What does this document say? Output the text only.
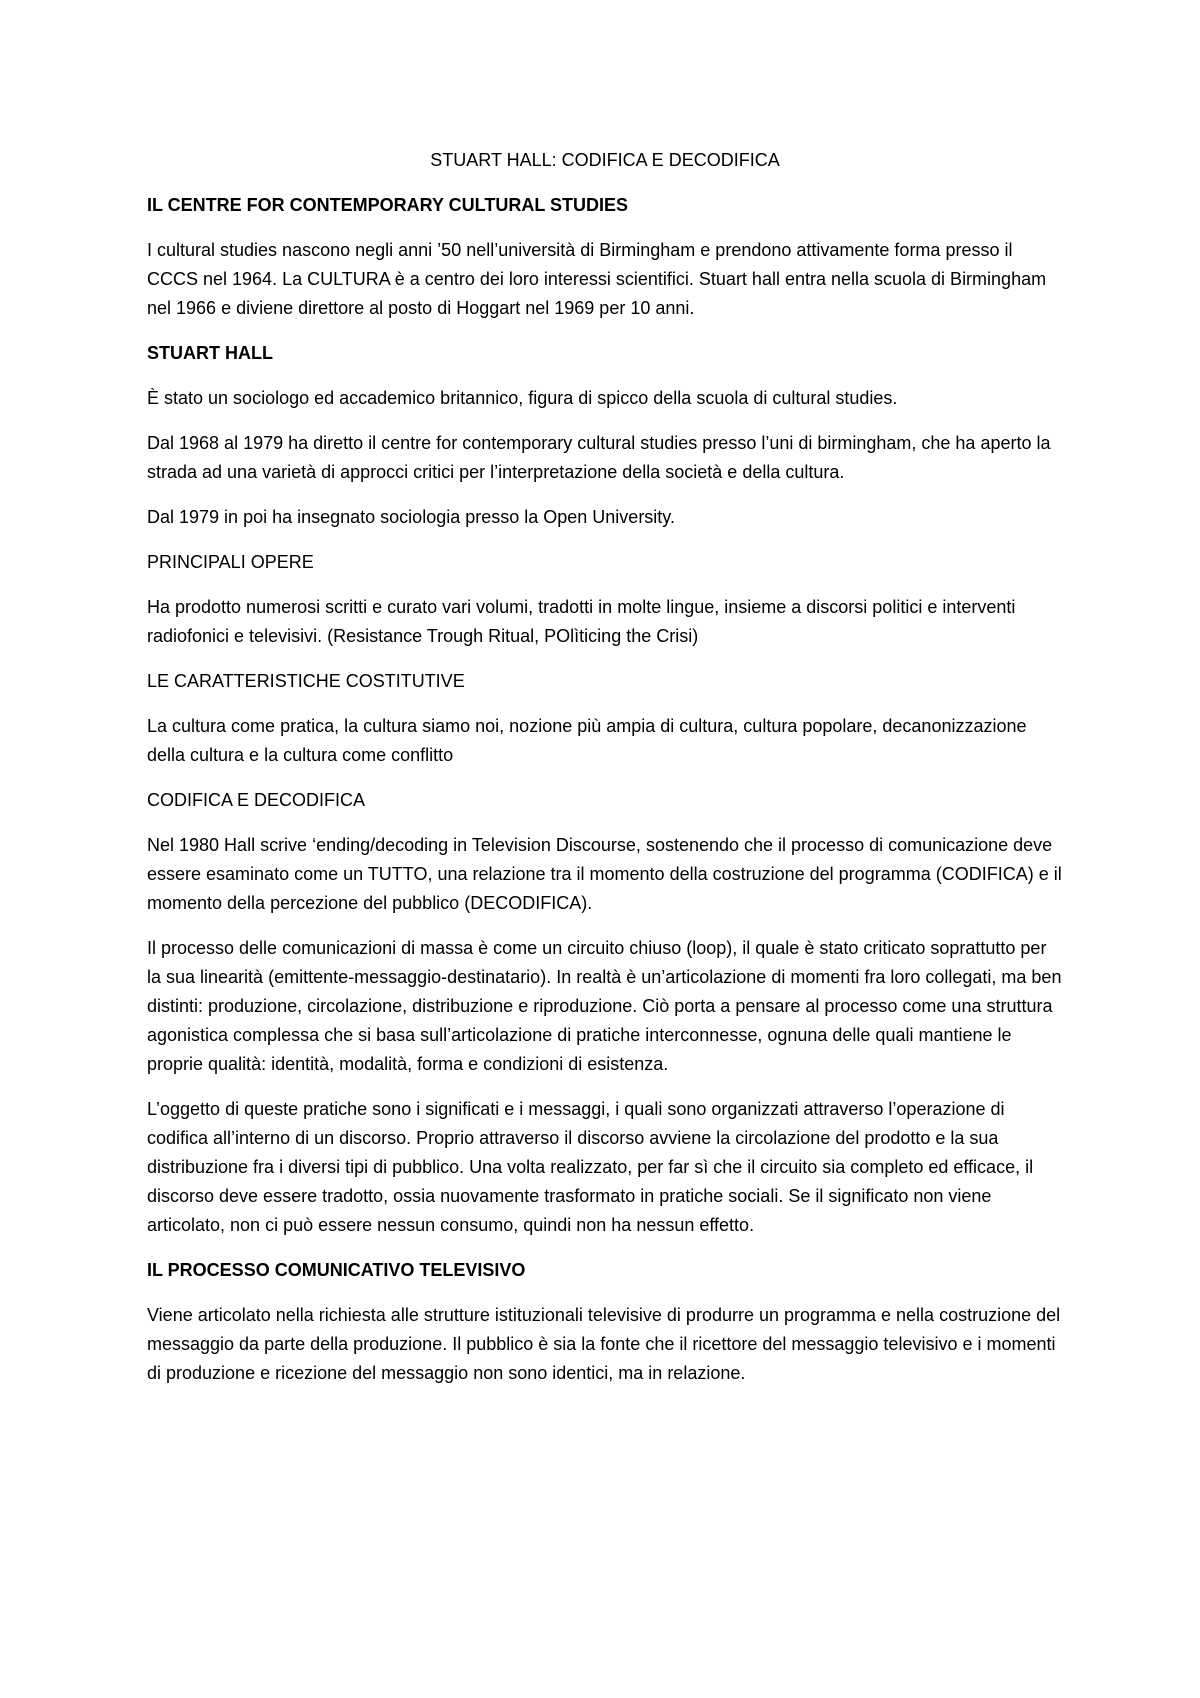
STUART HALL: CODIFICA E DECODIFICA
IL CENTRE FOR CONTEMPORARY CULTURAL STUDIES

I cultural studies nascono negli anni ’50 nell’università di Birmingham e prendono attivamente forma presso il CCCS nel 1964. La CULTURA è a centro dei loro interessi scientifici. Stuart hall entra nella scuola di Birmingham nel 1966 e diviene direttore al posto di Hoggart nel 1969 per 10 anni.

STUART HALL

È stato un sociologo ed accademico britannico, figura di spicco della scuola di cultural studies.

Dal 1968 al 1979 ha diretto il centre for contemporary cultural studies presso l’uni di birmingham, che ha aperto la strada ad una varietà di approcci critici per l’interpretazione della società e della cultura.

Dal 1979 in poi ha insegnato sociologia presso la Open University.

PRINCIPALI OPERE

Ha prodotto numerosi scritti e curato vari volumi, tradotti in molte lingue, insieme a discorsi politici e interventi radiofonici e televisivi. (Resistance Trough Ritual, POlìticing the Crisi)

LE CARATTERISTICHE COSTITUTIVE

La cultura come pratica, la cultura siamo noi, nozione più ampia di cultura, cultura popolare, decanonizzazione della cultura e la cultura come conflitto

CODIFICA E DECODIFICA

Nel 1980 Hall scrive ‘ending/decoding in Television Discourse, sostenendo che il processo di comunicazione deve essere esaminato come un TUTTO, una relazione tra il momento della costruzione del programma (CODIFICA) e il momento della percezione del pubblico (DECODIFICA).

Il processo delle comunicazioni di massa è come un circuito chiuso (loop), il quale è stato criticato soprattutto per la sua linearità (emittente-messaggio-destinatario). In realtà è un’articolazione di momenti fra loro collegati, ma ben distinti: produzione, circolazione, distribuzione e riproduzione. Ciò porta a pensare al processo come una struttura agonistica complessa che si basa sull’articolazione di pratiche interconnesse, ognuna delle quali mantiene le proprie qualità: identità, modalità, forma e condizioni di esistenza.

L’oggetto di queste pratiche sono i significati e i messaggi, i quali sono organizzati attraverso l’operazione di codifica all’interno di un discorso. Proprio attraverso il discorso avviene la circolazione del prodotto e la sua distribuzione fra i diversi tipi di pubblico. Una volta realizzato, per far sì che il circuito sia completo ed efficace, il discorso deve essere tradotto, ossia nuovamente trasformato in pratiche sociali. Se il significato non viene articolato, non ci può essere nessun consumo, quindi non ha nessun effetto.

IL PROCESSO COMUNICATIVO TELEVISIVO

Viene articolato nella richiesta alle strutture istituzionali televisive di produrre un programma e nella costruzione del messaggio da parte della produzione. Il pubblico è sia la fonte che il ricettore del messaggio televisivo e i momenti di produzione e ricezione del messaggio non sono identici, ma in relazione.
